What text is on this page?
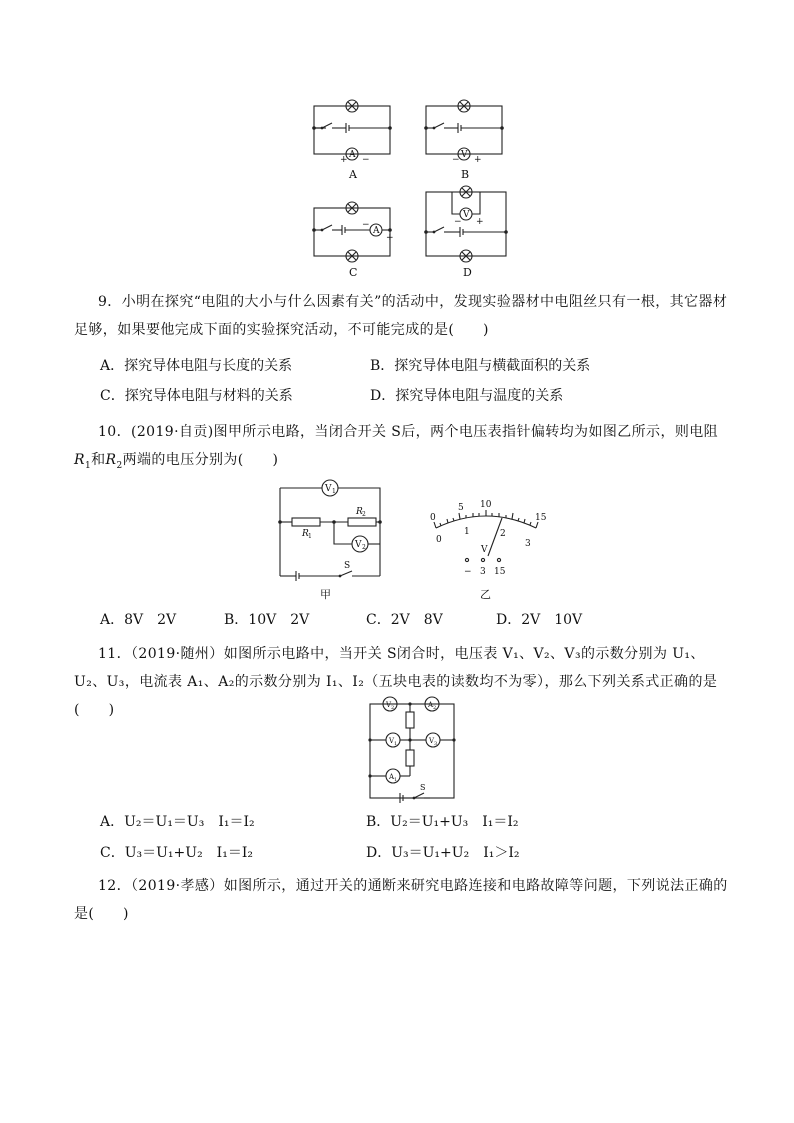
A
+ −
A
V
− +
B
A
−
+
C
V
− +
D
9．小明在探究“电阻的大小与什么因素有关”的活动中，发现实验器材中电阻丝只有一根，其它器材足够，如果要他完成下面的实验探究活动，不可能完成的是(　　)
A．探究导体电阻与长度的关系	B．探究导体电阻与横截面积的关系
C．探究导体电阻与材料的关系	D．探究导体电阻与温度的关系
10．(2019·自贡)图甲所示电路，当闭合开关 S后，两个电压表指针偏转均为如图乙所示，则电阻 $R_1$和$R_2$两端的电压分别为(　　)
V 1
R 1
R 2
V 2
S
甲
0
5 10
15
0
1	2
3
V
− 3 15
乙
A．8V　2V	B．10V　2V	C．2V　8V	D．2V　10V
11．（2019·随州）如图所示电路中，当开关 S闭合时，电压表 V₁、V₂、V₃的示数分别为 U₁、U₂、U₃，电流表 A₁、A₂的示数分别为 I₁、I₂（五块电表的读数均不为零），那么下列关系式正确的是(　　)	V 2	A 2
V 1	V 3
A 1
S
A．U₂＝U₁＝U₃　I₁＝I₂	B．U₂＝U₁+U₃　I₁＝I₂
C．U₃＝U₁+U₂　I₁＝I₂	D．U₃＝U₁+U₂　I₁＞I₂
12．（2019·孝感）如图所示，通过开关的通断来研究电路连接和电路故障等问题，下列说法正确的是(　　)
